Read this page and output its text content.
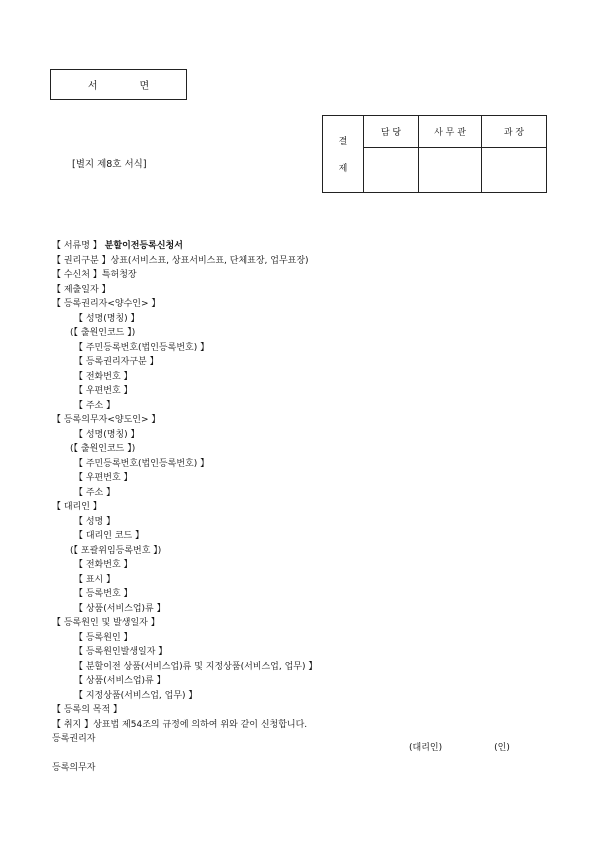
서	면
[별지 제8호 서식]
결
제	담 당	사 무 관	과 장

【 서류명 】 분할이전등록신청서
【 권리구분 】상표(서비스표, 상표서비스표, 단체표장, 업무표장)
【 수신처 】특허청장
【 제출일자 】
【 등록권리자<양수인> 】
【 성명(명칭) 】
(【 출원인코드 】)
【 주민등록번호(법인등록번호) 】
【 등록권리자구분 】
【 전화번호 】
【 우편번호 】
【 주소 】
【 등록의무자<양도인> 】
【 성명(명칭) 】
(【 출원인코드 】)
【 주민등록번호(법인등록번호) 】
【 우편번호 】
【 주소 】
【 대리인 】
【 성명 】
【 대리인 코드 】
(【 포괄위임등록번호 】)
【 전화번호 】
【 표시 】
【 등록번호 】
【 상품(서비스업)류 】
【 등록원인 및 발생일자 】
【 등록원인 】
【 등록원인발생일자 】
【 분할이전 상품(서비스업)류 및 지정상품(서비스업, 업무) 】
【 상품(서비스업)류 】
【 지정상품(서비스업, 업무) 】
【 등록의 목적 】
【 취지 】상표법 제54조의 규정에 의하여 위와 같이 신청합니다.
등록권리자
등록의무자
(대리인)	(인)
